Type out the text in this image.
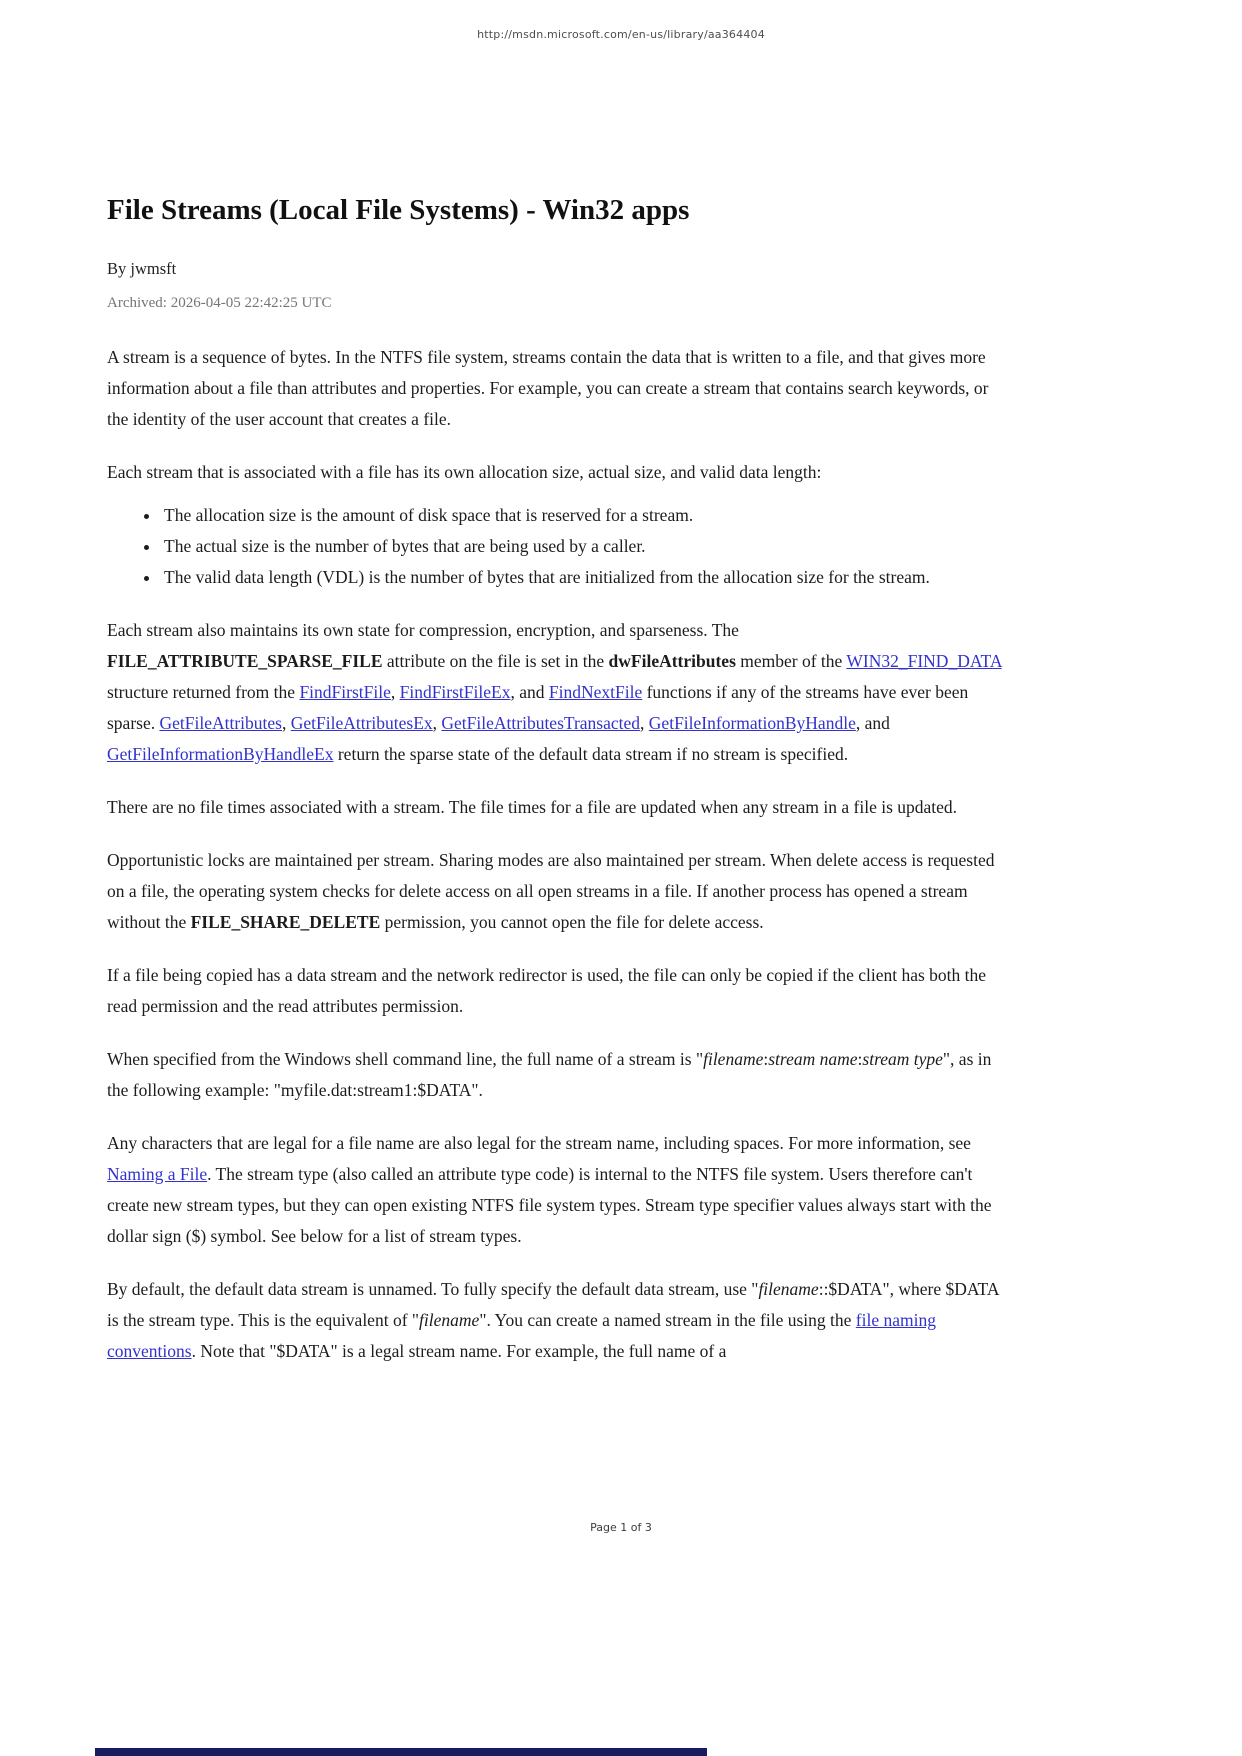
http://msdn.microsoft.com/en-us/library/aa364404
File Streams (Local File Systems) - Win32 apps
By jwmsft
Archived: 2026-04-05 22:42:25 UTC

A stream is a sequence of bytes. In the NTFS file system, streams contain the data that is written to a file, and that gives more information about a file than attributes and properties. For example, you can create a stream that contains search keywords, or the identity of the user account that creates a file.

Each stream that is associated with a file has its own allocation size, actual size, and valid data length:

• The allocation size is the amount of disk space that is reserved for a stream.
• The actual size is the number of bytes that are being used by a caller.
• The valid data length (VDL) is the number of bytes that are initialized from the allocation size for the stream.

Each stream also maintains its own state for compression, encryption, and sparseness. The FILE_ATTRIBUTE_SPARSE_FILE attribute on the file is set in the dwFileAttributes member of the WIN32_FIND_DATA structure returned from the FindFirstFile, FindFirstFileEx, and FindNextFile functions if any of the streams have ever been sparse. GetFileAttributes, GetFileAttributesEx, GetFileAttributesTransacted, GetFileInformationByHandle, and GetFileInformationByHandleEx return the sparse state of the default data stream if no stream is specified.

There are no file times associated with a stream. The file times for a file are updated when any stream in a file is updated.

Opportunistic locks are maintained per stream. Sharing modes are also maintained per stream. When delete access is requested on a file, the operating system checks for delete access on all open streams in a file. If another process has opened a stream without the FILE_SHARE_DELETE permission, you cannot open the file for delete access.

If a file being copied has a data stream and the network redirector is used, the file can only be copied if the client has both the read permission and the read attributes permission.

When specified from the Windows shell command line, the full name of a stream is "filename:stream name:stream type", as in the following example: "myfile.dat:stream1:$DATA".

Any characters that are legal for a file name are also legal for the stream name, including spaces. For more information, see Naming a File. The stream type (also called an attribute type code) is internal to the NTFS file system. Users therefore can't create new stream types, but they can open existing NTFS file system types. Stream type specifier values always start with the dollar sign ($) symbol. See below for a list of stream types.

By default, the default data stream is unnamed. To fully specify the default data stream, use "filename::$DATA", where $DATA is the stream type. This is the equivalent of "filename". You can create a named stream in the file using the file naming conventions. Note that "$DATA" is a legal stream name. For example, the full name of a

Page 1 of 3
